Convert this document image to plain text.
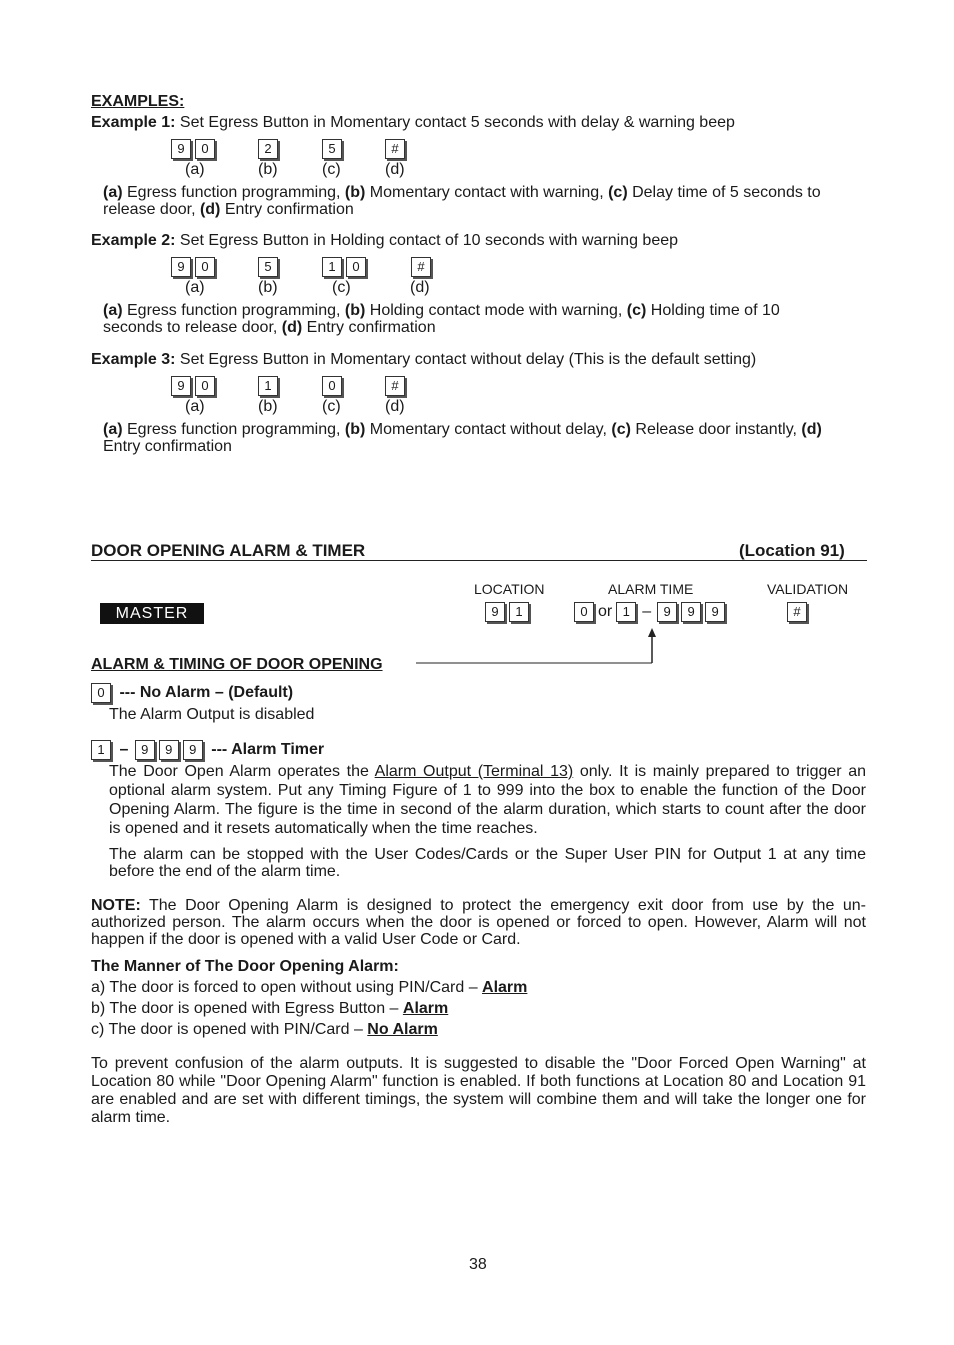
EXAMPLES:
Example 1: Set Egress Button in Momentary contact 5 seconds with delay & warning beep
9 0	2	5	#
(a)	(b)	(c)	(d)
(a) Egress function programming, (b) Momentary contact with warning, (c) Delay time of 5 seconds to release door, (d) Entry confirmation
Example 2: Set Egress Button in Holding contact of 10 seconds with warning beep
9 0	5	1 0	#
(a)	(b)	(c)	(d)
(a) Egress function programming, (b) Holding contact mode with warning, (c) Holding time of 10 seconds to release door, (d) Entry confirmation
Example 3: Set Egress Button in Momentary contact without delay (This is the default setting)
9 0	1	0	#
(a)	(b)	(c)	(d)
(a) Egress function programming, (b) Momentary contact without delay, (c) Release door instantly, (d) Entry confirmation
DOOR OPENING ALARM & TIMER	(Location 91)
LOCATION	ALARM TIME	VALIDATION
MASTER	9 1	0 or 1 – 9 9 9	#
ALARM & TIMING OF DOOR OPENING
0 --- No Alarm – (Default)
The Alarm Output is disabled
1 – 9 9 9 --- Alarm Timer
The Door Open Alarm operates the Alarm Output (Terminal 13) only. It is mainly prepared to trigger an optional alarm system. Put any Timing Figure of 1 to 999 into the box to enable the function of the Door Opening Alarm. The figure is the time in second of the alarm duration, which starts to count after the door is opened and it resets automatically when the time reaches.
The alarm can be stopped with the User Codes/Cards or the Super User PIN for Output 1 at any time before the end of the alarm time.
NOTE: The Door Opening Alarm is designed to protect the emergency exit door from use by the un-authorized person. The alarm occurs when the door is opened or forced to open. However, Alarm will not happen if the door is opened with a valid User Code or Card.
The Manner of The Door Opening Alarm:
a) The door is forced to open without using PIN/Card – Alarm
b) The door is opened with Egress Button – Alarm
c) The door is opened with PIN/Card – No Alarm
To prevent confusion of the alarm outputs. It is suggested to disable the "Door Forced Open Warning" at Location 80 while "Door Opening Alarm" function is enabled. If both functions at Location 80 and Location 91 are enabled and are set with different timings, the system will combine them and will take the longer one for alarm time.
38
